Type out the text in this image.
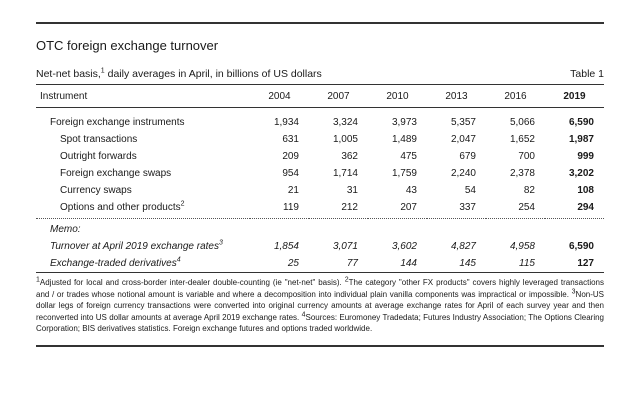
OTC foreign exchange turnover
Net-net basis,$^1$ daily averages in April, in billions of US dollars	Table 1
Instrument	2004	2007	2010	2013	2016	2019
Foreign exchange instruments	1,934	3,324	3,973	5,357	5,066	6,590
Spot transactions	631	1,005	1,489	2,047	1,652	1,987
Outright forwards	209	362	475	679	700	999
Foreign exchange swaps	954	1,714	1,759	2,240	2,378	3,202
Currency swaps	21	31	43	54	82	108
Options and other products$^2$	119	212	207	337	254	294

Memo:						
Turnover at April 2019 exchange rates$^3$	1,854	3,071	3,602	4,827	4,958	6,590
Exchange-traded derivatives$^4$	25	77	144	145	115	127
$^1$Adjusted for local and cross-border inter-dealer double-counting (ie "net-net" basis). $^2$The category "other FX products" covers highly leveraged transactions and / or trades whose notional amount is variable and where a decomposition into individual plain vanilla components was impractical or impossible. $^3$Non-US dollar legs of foreign currency transactions were converted into original currency amounts at average exchange rates for April of each survey year and then reconverted into US dollar amounts at average April 2019 exchange rates. $^4$Sources: Euromoney Tradedata; Futures Industry Association; The Options Clearing Corporation; BIS derivatives statistics. Foreign exchange futures and options traded worldwide.
